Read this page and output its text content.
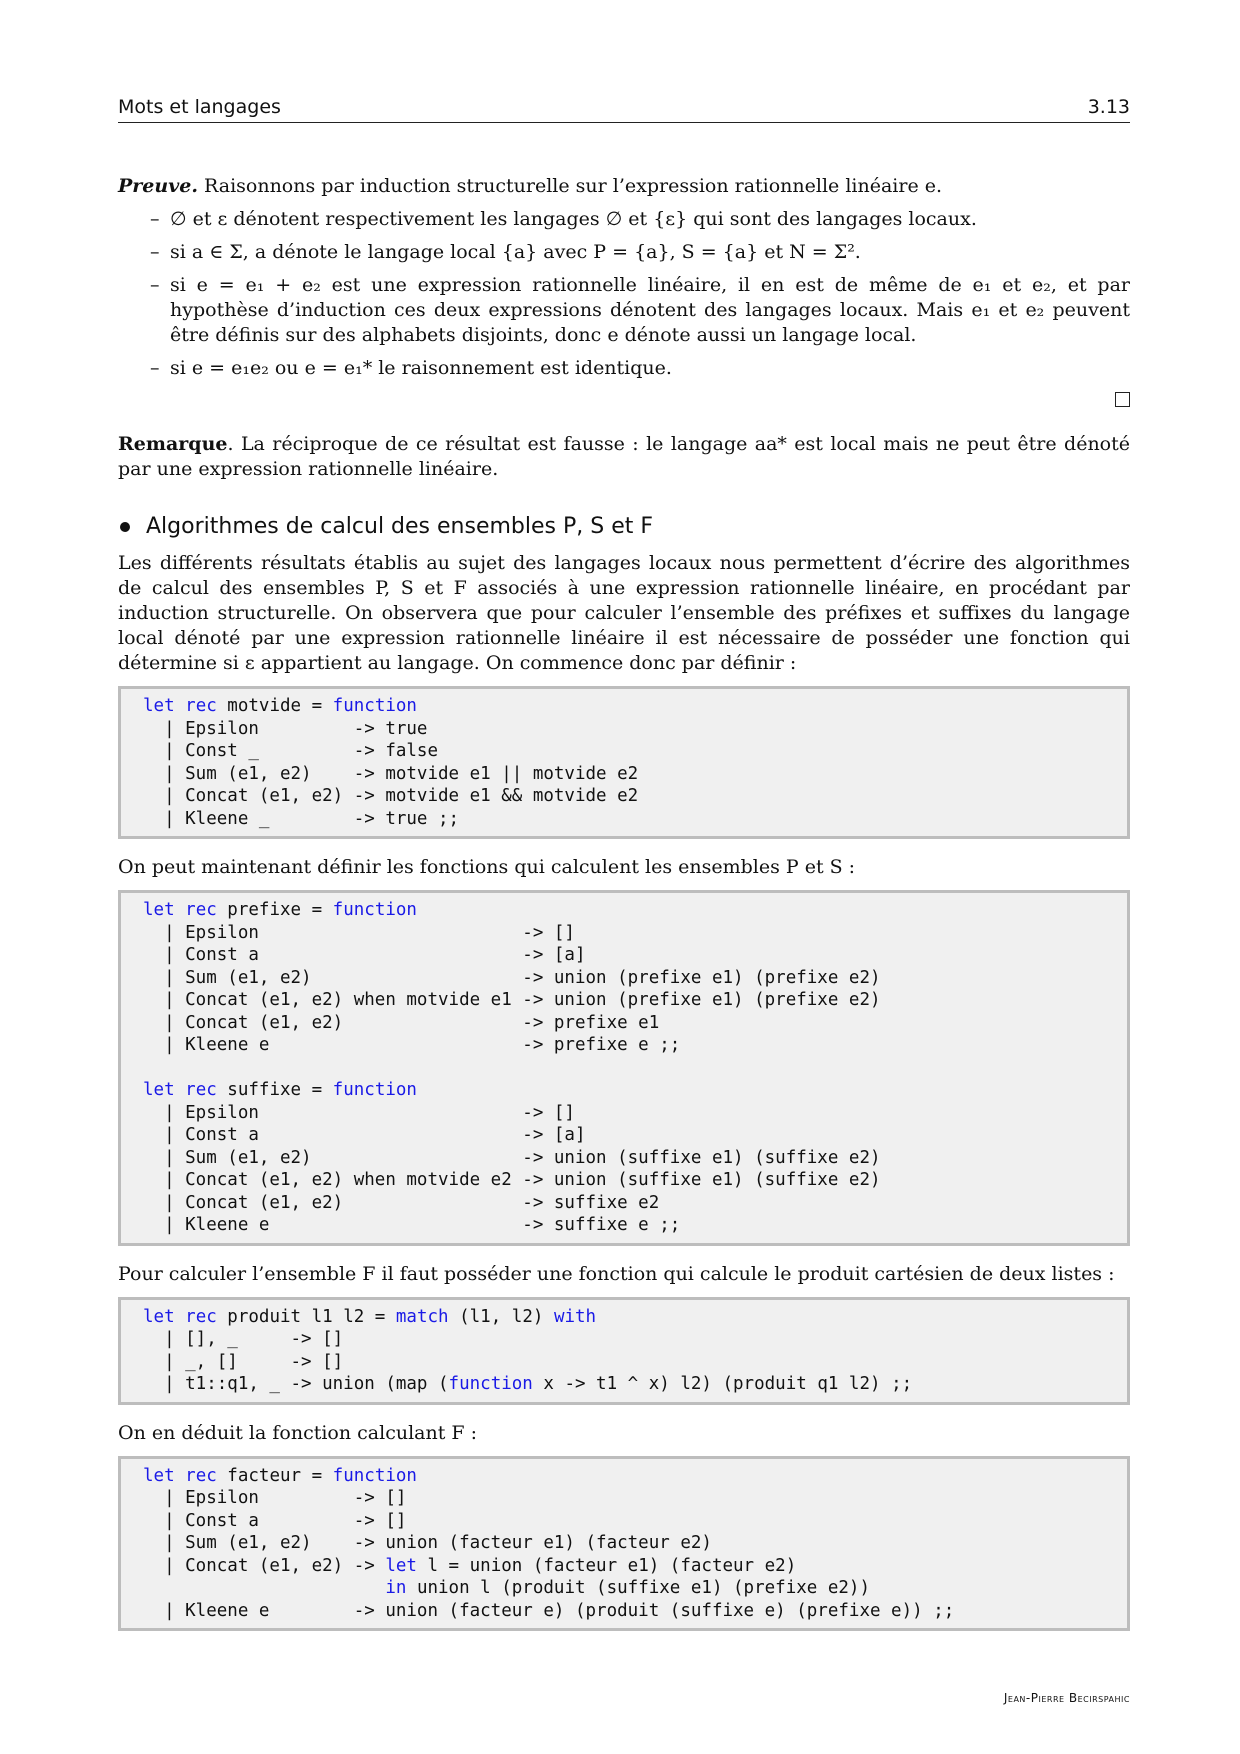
Mots et langages	3.13

Preuve. Raisonnons par induction structurelle sur l’expression rationnelle linéaire e.

– ∅ et ε dénotent respectivement les langages ∅ et {ε} qui sont des langages locaux.
– si a ∈ Σ, a dénote le langage local {a} avec P = {a}, S = {a} et N = Σ².
– si e = e₁ + e₂ est une expression rationnelle linéaire, il en est de même de e₁ et e₂, et par hypothèse d’induction ces deux expressions dénotent des langages locaux. Mais e₁ et e₂ peuvent être définis sur des alphabets disjoints, donc e dénote aussi un langage local.
– si e = e₁e₂ ou e = e₁* le raisonnement est identique.

Remarque. La réciproque de ce résultat est fausse : le langage aa* est local mais ne peut être dénoté par une expression rationnelle linéaire.

Algorithmes de calcul des ensembles P, S et F

Les différents résultats établis au sujet des langages locaux nous permettent d’écrire des algorithmes de calcul des ensembles P, S et F associés à une expression rationnelle linéaire, en procédant par induction structurelle. On observera que pour calculer l’ensemble des préfixes et suffixes du langage local dénoté par une expression rationnelle linéaire il est nécessaire de posséder une fonction qui détermine si ε appartient au langage. On commence donc par définir :

let rec motvide = function
| Epsilon         -> true
| Const _         -> false
| Sum (e1, e2)    -> motvide e1 || motvide e2
| Concat (e1, e2) -> motvide e1 && motvide e2
| Kleene _        -> true ;;

On peut maintenant définir les fonctions qui calculent les ensembles P et S :

let rec prefixe = function
| Epsilon                         -> []
| Const a                         -> [a]
| Sum (e1, e2)                    -> union (prefixe e1) (prefixe e2)
| Concat (e1, e2) when motvide e1 -> union (prefixe e1) (prefixe e2)
| Concat (e1, e2)                 -> prefixe e1
| Kleene e                        -> prefixe e ;;

let rec suffixe = function
| Epsilon                         -> []
| Const a                         -> [a]
| Sum (e1, e2)                    -> union (suffixe e1) (suffixe e2)
| Concat (e1, e2) when motvide e2 -> union (suffixe e1) (suffixe e2)
| Concat (e1, e2)                 -> suffixe e2
| Kleene e                        -> suffixe e ;;

Pour calculer l’ensemble F il faut posséder une fonction qui calcule le produit cartésien de deux listes :

let rec produit l1 l2 = match (l1, l2) with
| [], _     -> []
| _, []     -> []
| t1::q1, _ -> union (map (function x -> t1 ^ x) l2) (produit q1 l2) ;;

On en déduit la fonction calculant F :

let rec facteur = function
| Epsilon         -> []
| Const a         -> []
| Sum (e1, e2)    -> union (facteur e1) (facteur e2)
| Concat (e1, e2) -> let l = union (facteur e1) (facteur e2)
in union l (produit (suffixe e1) (prefixe e2))
| Kleene e        -> union (facteur e) (produit (suffixe e) (prefixe e)) ;;
Jean-Pierre Becirspahic
